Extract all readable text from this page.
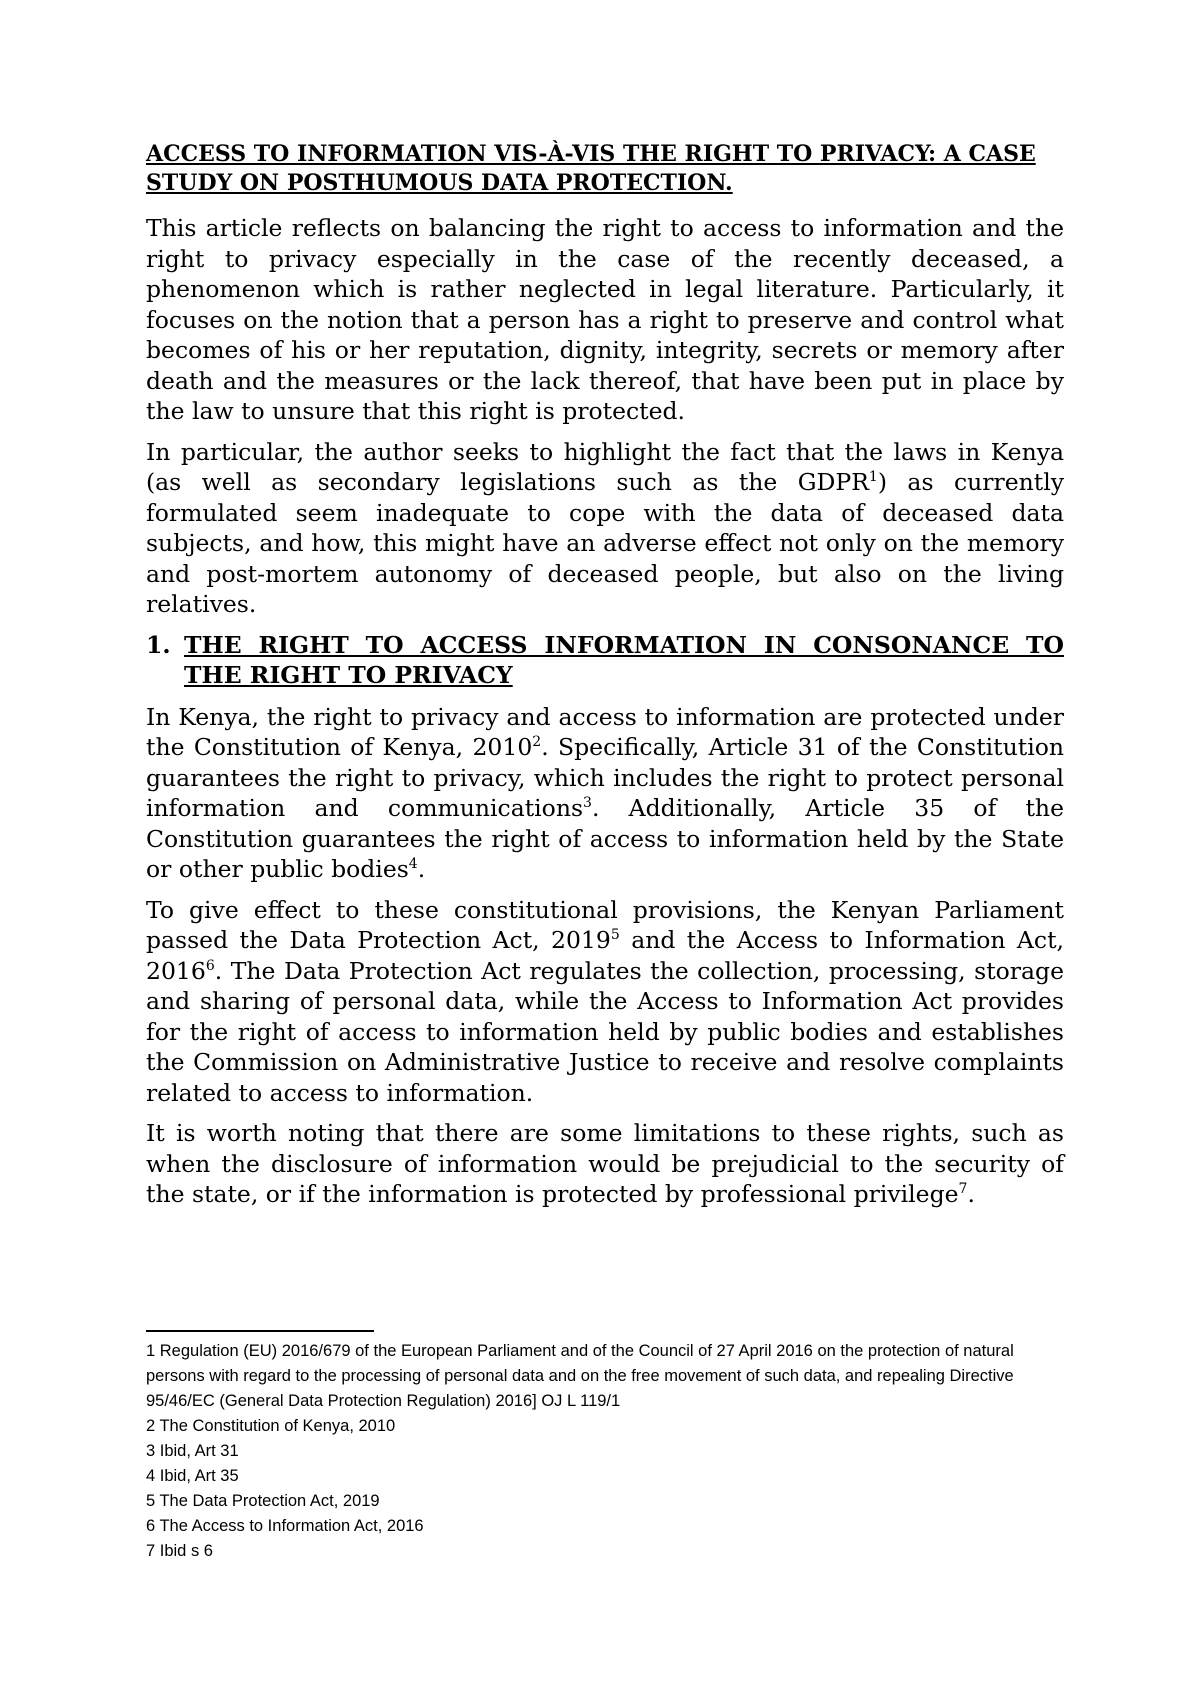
ACCESS TO INFORMATION VIS-À-VIS THE RIGHT TO PRIVACY: A CASE STUDY ON POSTHUMOUS DATA PROTECTION.

This article reflects on balancing the right to access to information and the right to privacy especially in the case of the recently deceased, a phenomenon which is rather neglected in legal literature. Particularly, it focuses on the notion that a person has a right to preserve and control what becomes of his or her reputation, dignity, integrity, secrets or memory after death and the measures or the lack thereof, that have been put in place by the law to unsure that this right is protected.

In particular, the author seeks to highlight the fact that the laws in Kenya (as well as secondary legislations such as the GDPR$^1$) as currently formulated seem inadequate to cope with the data of deceased data subjects, and how, this might have an adverse effect not only on the memory and post-mortem autonomy of deceased people, but also on the living relatives.

1. THE RIGHT TO ACCESS INFORMATION IN CONSONANCE TO THE RIGHT TO PRIVACY

In Kenya, the right to privacy and access to information are protected under the Constitution of Kenya, 2010$^2$. Specifically, Article 31 of the Constitution guarantees the right to privacy, which includes the right to protect personal information and communications$^3$. Additionally, Article 35 of the Constitution guarantees the right of access to information held by the State or other public bodies$^4$.

To give effect to these constitutional provisions, the Kenyan Parliament passed the Data Protection Act, 2019$^5$ and the Access to Information Act, 2016$^6$. The Data Protection Act regulates the collection, processing, storage and sharing of personal data, while the Access to Information Act provides for the right of access to information held by public bodies and establishes the Commission on Administrative Justice to receive and resolve complaints related to access to information.

It is worth noting that there are some limitations to these rights, such as when the disclosure of information would be prejudicial to the security of the state, or if the information is protected by professional privilege$^7$.

1 Regulation (EU) 2016/679 of the European Parliament and of the Council of 27 April 2016 on the protection of natural persons with regard to the processing of personal data and on the free movement of such data, and repealing Directive 95/46/EC (General Data Protection Regulation) 2016] OJ L 119/1

2 The Constitution of Kenya, 2010

3 Ibid, Art 31

4 Ibid, Art 35

5 The Data Protection Act, 2019

6 The Access to Information Act, 2016

7 Ibid s 6
